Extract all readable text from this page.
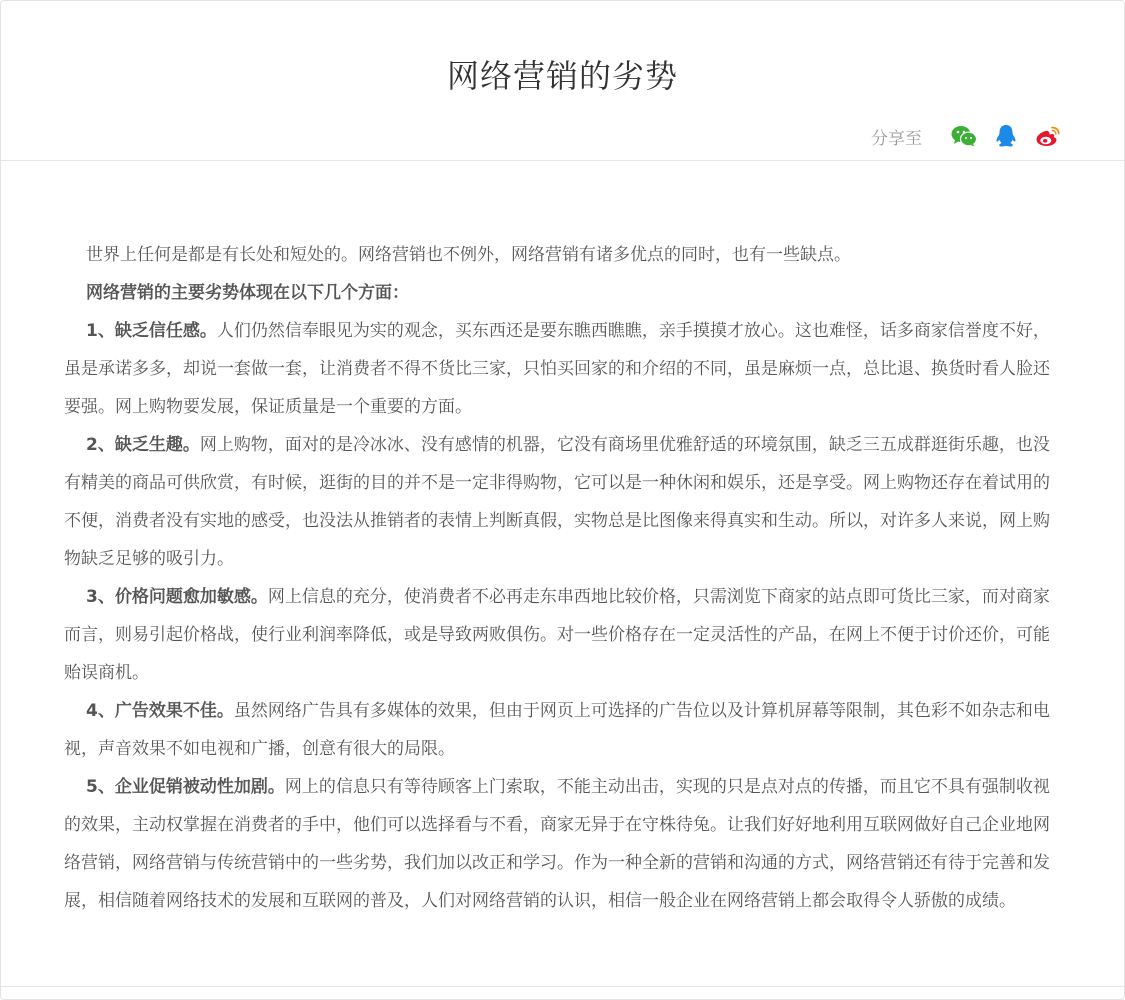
网络营销的劣势
分享至

世界上任何是都是有长处和短处的。网络营销也不例外，网络营销有诸多优点的同时，也有一些缺点。

网络营销的主要劣势体现在以下几个方面：

1、缺乏信任感。人们仍然信奉眼见为实的观念，买东西还是要东瞧西瞧瞧，亲手摸摸才放心。这也难怪，话多商家信誉度不好，虽是承诺多多，却说一套做一套，让消费者不得不货比三家，只怕买回家的和介绍的不同，虽是麻烦一点，总比退、换货时看人脸还要强。网上购物要发展，保证质量是一个重要的方面。

2、缺乏生趣。网上购物，面对的是冷冰冰、没有感情的机器，它没有商场里优雅舒适的环境氛围，缺乏三五成群逛街乐趣，也没有精美的商品可供欣赏，有时候，逛街的目的并不是一定非得购物，它可以是一种休闲和娱乐，还是享受。网上购物还存在着试用的不便，消费者没有实地的感受，也没法从推销者的表情上判断真假，实物总是比图像来得真实和生动。所以，对许多人来说，网上购物缺乏足够的吸引力。

3、价格问题愈加敏感。网上信息的充分，使消费者不必再走东串西地比较价格，只需浏览下商家的站点即可货比三家，而对商家而言，则易引起价格战，使行业利润率降低，或是导致两败俱伤。对一些价格存在一定灵活性的产品，在网上不便于讨价还价，可能贻误商机。

4、广告效果不佳。虽然网络广告具有多媒体的效果，但由于网页上可选择的广告位以及计算机屏幕等限制，其色彩不如杂志和电视，声音效果不如电视和广播，创意有很大的局限。

5、企业促销被动性加剧。网上的信息只有等待顾客上门索取，不能主动出击，实现的只是点对点的传播，而且它不具有强制收视的效果，主动权掌握在消费者的手中，他们可以选择看与不看，商家无异于在守株待兔。让我们好好地利用互联网做好自己企业地网络营销，网络营销与传统营销中的一些劣势，我们加以改正和学习。作为一种全新的营销和沟通的方式，网络营销还有待于完善和发展，相信随着网络技术的发展和互联网的普及，人们对网络营销的认识，相信一般企业在网络营销上都会取得令人骄傲的成绩。
